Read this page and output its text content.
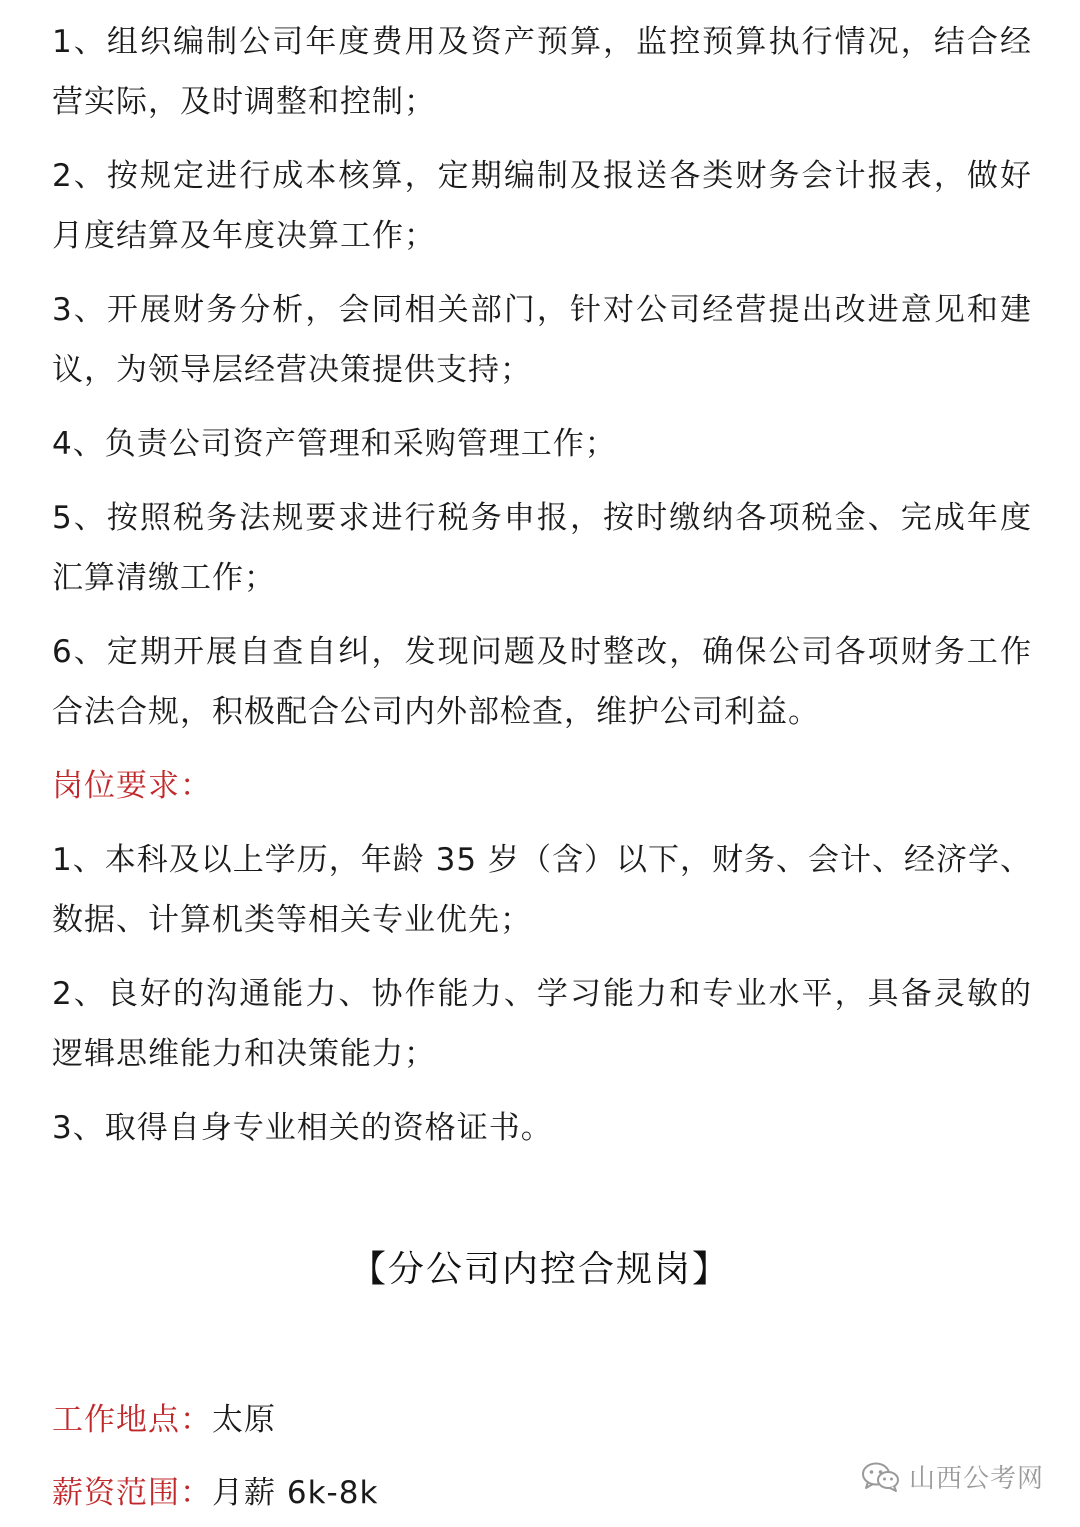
1、组织编制公司年度费用及资产预算，监控预算执行情况，结合经营实际，及时调整和控制；

2、按规定进行成本核算，定期编制及报送各类财务会计报表，做好月度结算及年度决算工作；

3、开展财务分析，会同相关部门，针对公司经营提出改进意见和建议，为领导层经营决策提供支持；

4、负责公司资产管理和采购管理工作；

5、按照税务法规要求进行税务申报，按时缴纳各项税金、完成年度汇算清缴工作；

6、定期开展自查自纠，发现问题及时整改，确保公司各项财务工作合法合规，积极配合公司内外部检查，维护公司利益。

岗位要求：

1、本科及以上学历，年龄 35 岁（含）以下，财务、会计、经济学、数据、计算机类等相关专业优先；

2、良好的沟通能力、协作能力、学习能力和专业水平，具备灵敏的逻辑思维能力和决策能力；

3、取得自身专业相关的资格证书。

【分公司内控合规岗】
工作地点：太原
薪资范围：月薪 6k-8k	山西公考网
